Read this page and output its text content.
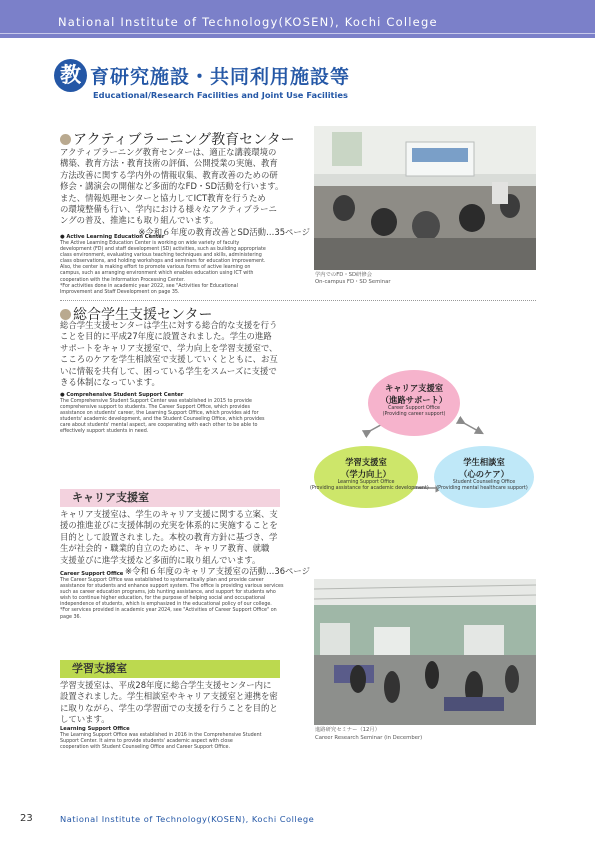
National Institute of Technology(KOSEN), Kochi College
教 育研究施設・共同利用施設等
Educational/Research Facilities and Joint Use Facilities
アクティブラーニング教育センター

アクティブラーニング教育センターは、適正な講義環境の

構築、教育方法・教育技術の評価、公開授業の実施、教育

方法改善に関する学内外の情報収集、教育改善のための研

修会・講演会の開催など多面的なFD・SD活動を行います。

また、情報処理センターと協力してICT教育を行うため

の環境整備も行い、学内における様々なアクティブラーニ

ングの普及、推進にも取り組んでいます。

※令和６年度の教育改善とSD活動…35ページ

● Active Learning Education Center

The Active Learning Education Center is working on wide variety of faculty

development (FD) and staff development (SD) activities, such as building appropriate

class environment, evaluating various teaching techniques and skills, administering

class observations, and holding workshops and seminars for education improvement.

Also, the center is making effort to promote various forms of active learning on

campus, such as arranging environment which enables education using ICT with

cooperation with the Information Processing Center.

*For activities done in academic year 2022, see "Activities for Educational

Improvement and Staff Development on page 35.

学内でのFD・SD研修会
On-campus FD・SD Seminar
総合学生支援センター

総合学生支援センターは学生に対する総合的な支援を行う

ことを目的に平成27年度に設置されました。学生の進路

サポートをキャリア支援室で、学力向上を学習支援室で、

こころのケアを学生相談室で支援していくとともに、お互

いに情報を共有して、困っている学生をスムーズに支援で

きる体制になっています。

● Comprehensive Student Support Center

The Comprehensive Student Support Center was established in 2015 to provide

comprehensive support to students. The Career Support Office, which provides

assistance on students' career, the Learning Support Office, which provides aid for

students' academic development, and the Student Counseling Office, which provides

care about students' mental aspect, are cooperating with each other to be able to

effectively support students in need.

キャリア支援室
（進路サポート）
Career Support Office
(Providing career support)
学習支援室
（学力向上）
Learning Support Office
(Providing assistance for academic development)
学生相談室
（心のケア）
Student Counseling Office
(Providing mental healthcare support)
キャリア支援室

キャリア支援室は、学生のキャリア支援に関する立案、支

援の推進並びに支援体制の充実を体系的に実施することを

目的として設置されました。本校の教育方針に基づき、学

生が社会的・職業的自立のために、キャリア教育、就職

支援並びに進学支援など多面的に取り組んでいます。

※令和６年度のキャリア支援室の活動…36ページ

Career Support Office

The Career Support Office was established to systematically plan and provide career

assistance for students and enhance support system. The office is providing various services

such as career education programs, job hunting assistance, and support for students who

wish to continue higher education, for the purpose of helping social and occupational

independence of students, which is emphasized in the educational policy of our college.

*For services provided in academic year 2024, see "Activities of Career Support Office" on

page 36.

進路研究セミナー（12月）
Career Research Seminar (in December)
学習支援室

学習支援室は、平成28年度に総合学生支援センター内に

設置されました。学生相談室やキャリア支援室と連携を密

に取りながら、学生の学習面での支援を行うことを目的と

しています。

Learning Support Office

The Learning Support Office was established in 2016 in the Comprehensive Student

Support Center. It aims to provide students' academic aspect with close

cooperation with Student Counseling Office and Career Support Office.

23	National Institute of Technology(KOSEN), Kochi College
